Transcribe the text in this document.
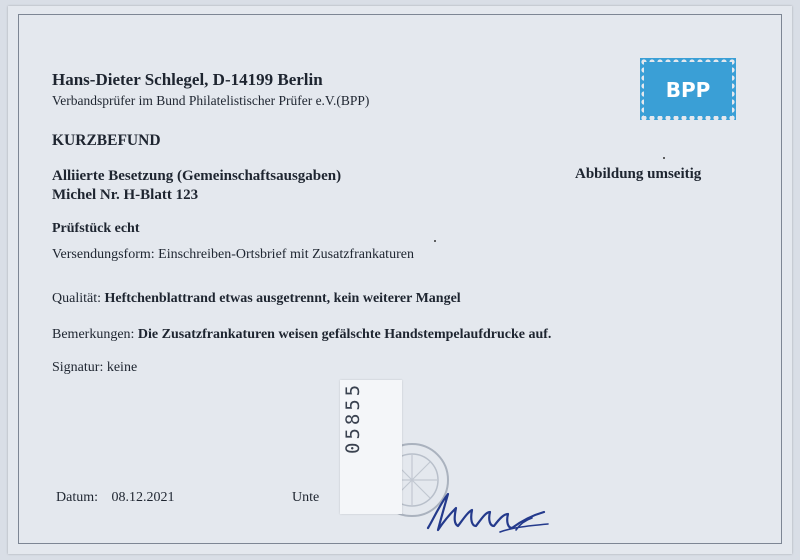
Hans-Dieter Schlegel, D-14199 Berlin
Verbandsprüfer im Bund Philatelistischer Prüfer e.V.(BPP)	BPP
KURZBEFUND
Alliierte Besetzung (Gemeinschaftsausgaben)
Michel Nr. H-Blatt 123
Abbildung umseitig
Prüfstück echt
Versendungsform: Einschreiben-Ortsbrief mit Zusatzfrankaturen
Qualität: Heftchenblattrand etwas ausgetrennt, kein weiterer Mangel
Bemerkungen: Die Zusatzfrankaturen weisen gefälschte Handstempelaufdrucke auf.
Signatur: keine
Datum: 08.12.2021	Unte
05855
